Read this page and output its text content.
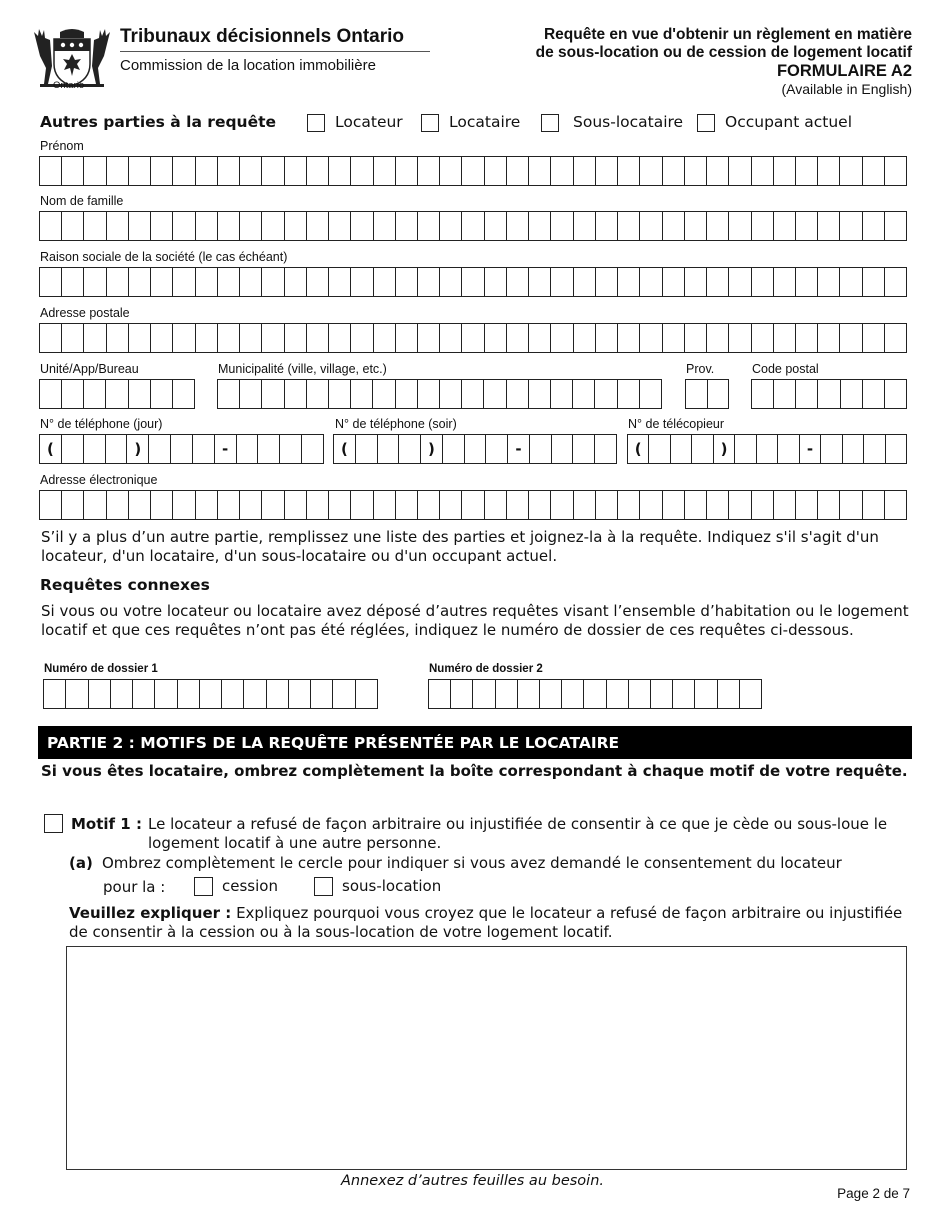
Ontario
Tribunaux décisionnels Ontario
Commission de la location immobilière
Requête en vue d'obtenir un règlement en matière
de sous-location ou de cession de logement locatif
FORMULAIRE A2
(Available in English)
Autres parties à la requête	Locateur	Locataire	Sous-locataire	Occupant actuel
Prénom
Nom de famille
Raison sociale de la société (le cas échéant)
Adresse postale
Unité/App/Bureau	Municipalité (ville, village, etc.)	Prov.	Code postal
N° de téléphone (jour)	N° de téléphone (soir)	N° de télécopieur
(	)	-	(	)	-	(	)	-
Adresse électronique
S’il y a plus d’un autre partie, remplissez une liste des parties et joignez-la à la requête. Indiquez s'il s'agit d'un locateur, d'un locataire, d'un sous-locataire ou d'un occupant actuel.
Requêtes connexes
Si vous ou votre locateur ou locataire avez déposé d’autres requêtes visant l’ensemble d’habitation ou le logement locatif et que ces requêtes n’ont pas été réglées, indiquez le numéro de dossier de ces requêtes ci-dessous.
Numéro de dossier 1	Numéro de dossier 2
PARTIE 2 : MOTIFS DE LA REQUÊTE PRÉSENTÉE PAR LE LOCATAIRE
Si vous êtes locataire, ombrez complètement la boîte correspondant à chaque motif de votre requête.
Motif 1 : Le locateur a refusé de façon arbitraire ou injustifiée de consentir à ce que je cède ou sous-loue le logement locatif à une autre personne.
(a) Ombrez complètement le cercle pour indiquer si vous avez demandé le consentement du locateur
pour la :	cession	sous-location
Veuillez expliquer : Expliquez pourquoi vous croyez que le locateur a refusé de façon arbitraire ou injustifiée de consentir à la cession ou à la sous-location de votre logement locatif.
Annexez d’autres feuilles au besoin.
Page 2 de 7
